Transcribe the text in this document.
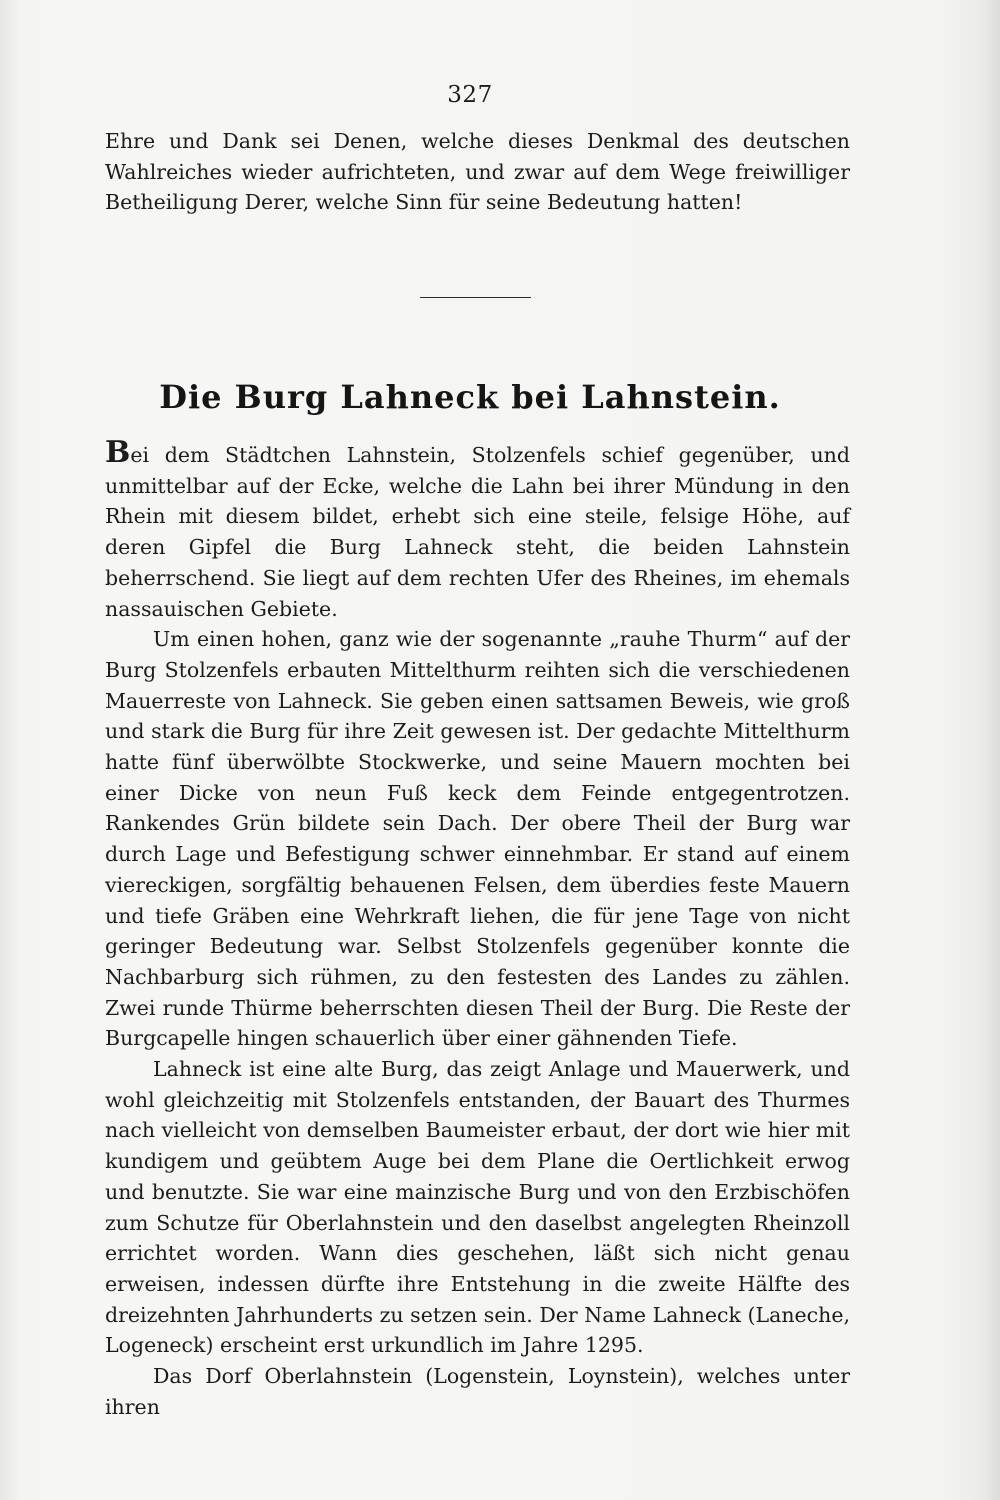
327
Ehre und Dank sei Denen, welche dieses Denkmal des deutschen Wahlreiches wieder aufrichteten, und zwar auf dem Wege freiwilliger Betheiligung Derer, welche Sinn für seine Bedeutung hatten!
Die Burg Lahneck bei Lahnstein.

Bei dem Städtchen Lahnstein, Stolzenfels schief gegenüber, und unmittelbar auf der Ecke, welche die Lahn bei ihrer Mündung in den Rhein mit diesem bildet, erhebt sich eine steile, felsige Höhe, auf deren Gipfel die Burg Lahneck steht, die beiden Lahnstein beherrschend. Sie liegt auf dem rechten Ufer des Rheines, im ehemals nassauischen Gebiete.

Um einen hohen, ganz wie der sogenannte „rauhe Thurm“ auf der Burg Stolzenfels erbauten Mittelthurm reihten sich die verschiedenen Mauerreste von Lahneck. Sie geben einen sattsamen Beweis, wie groß und stark die Burg für ihre Zeit gewesen ist. Der gedachte Mittelthurm hatte fünf überwölbte Stockwerke, und seine Mauern mochten bei einer Dicke von neun Fuß keck dem Feinde entgegentrotzen. Rankendes Grün bildete sein Dach. Der obere Theil der Burg war durch Lage und Befestigung schwer einnehmbar. Er stand auf einem viereckigen, sorgfältig behauenen Felsen, dem überdies feste Mauern und tiefe Gräben eine Wehrkraft liehen, die für jene Tage von nicht geringer Bedeutung war. Selbst Stolzenfels gegenüber konnte die Nachbarburg sich rühmen, zu den festesten des Landes zu zählen. Zwei runde Thürme beherrschten diesen Theil der Burg. Die Reste der Burgcapelle hingen schauerlich über einer gähnenden Tiefe.

Lahneck ist eine alte Burg, das zeigt Anlage und Mauerwerk, und wohl gleichzeitig mit Stolzenfels entstanden, der Bauart des Thurmes nach vielleicht von demselben Baumeister erbaut, der dort wie hier mit kundigem und geübtem Auge bei dem Plane die Oertlichkeit erwog und benutzte. Sie war eine mainzische Burg und von den Erzbischöfen zum Schutze für Oberlahnstein und den daselbst angelegten Rheinzoll errichtet worden. Wann dies geschehen, läßt sich nicht genau erweisen, indessen dürfte ihre Entstehung in die zweite Hälfte des dreizehnten Jahrhunderts zu setzen sein. Der Name Lahneck (Laneche, Logeneck) erscheint erst urkundlich im Jahre 1295.

Das Dorf Oberlahnstein (Logenstein, Loynstein), welches unter ihren
